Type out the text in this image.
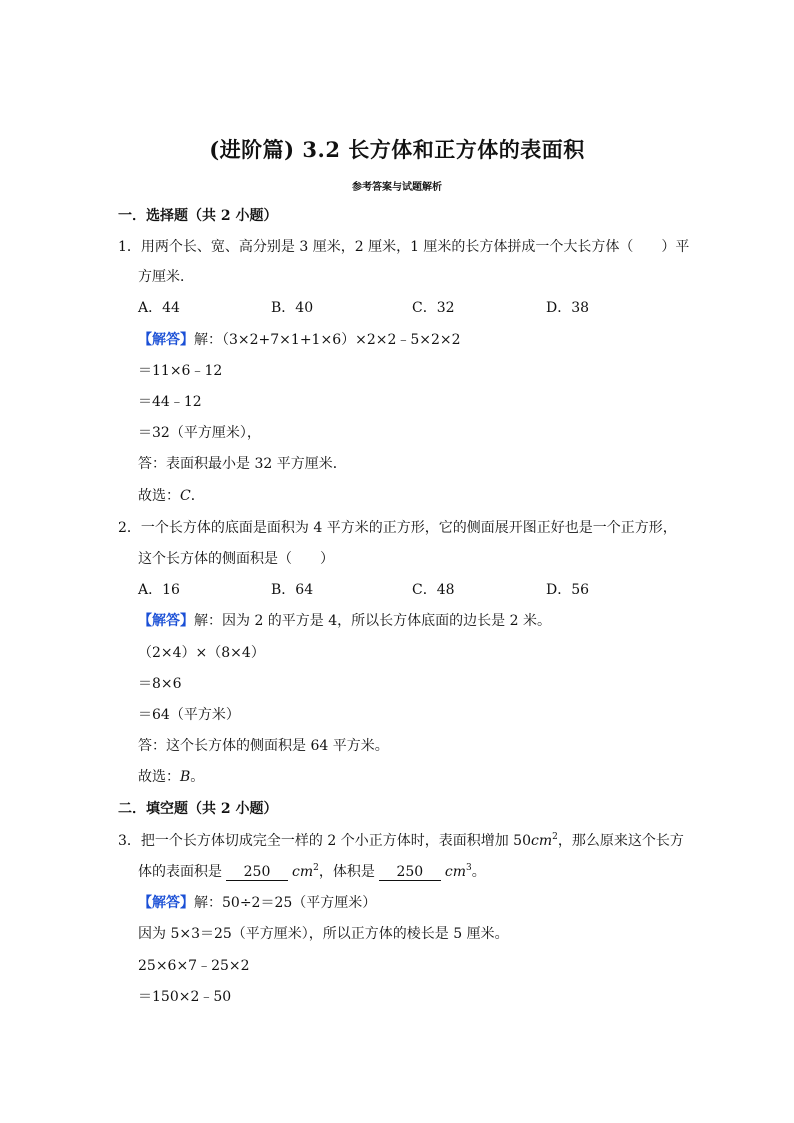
(进阶篇) 3.2 长方体和正方体的表面积
参考答案与试题解析
一．选择题（共 2 小题）
1．用两个长、宽、高分别是 3 厘米，2 厘米，1 厘米的长方体拼成一个大长方体（　　）平
方厘米．
A．44	B．40	C．32	D．38
【解答】解：（3×2+7×1+1×6）×2×2﹣5×2×2
＝11×6﹣12
＝44﹣12
＝32（平方厘米），
答：表面积最小是 32 平方厘米．
故选：C．
2．一个长方体的底面是面积为 4 平方米的正方形，它的侧面展开图正好也是一个正方形，
这个长方体的侧面积是（　　）
A．16	B．64	C．48	D．56
【解答】解：因为 2 的平方是 4，所以长方体底面的边长是 2 米。
（2×4）×（8×4）
＝8×6
＝64（平方米）
答：这个长方体的侧面积是 64 平方米。
故选：B。
二．填空题（共 2 小题）
3．把一个长方体切成完全一样的 2 个小正方体时，表面积增加 $50cm^2$，那么原来这个长方
体的表面积是 250 $cm^2$，体积是 250 $cm^3$。
【解答】解：50÷2＝25（平方厘米）
因为 5×3＝25（平方厘米），所以正方体的棱长是 5 厘米。
25×6×7﹣25×2
＝150×2﹣50
